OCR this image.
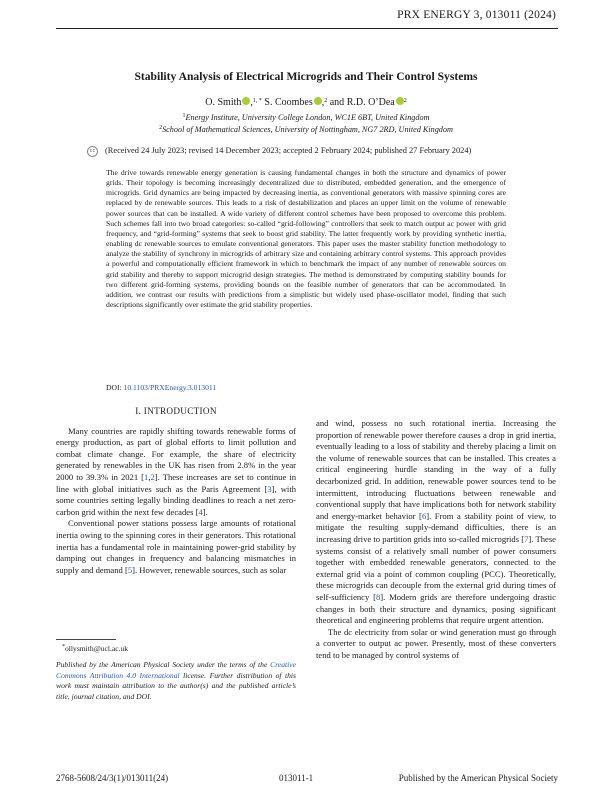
PRX ENERGY 3, 013011 (2024)
Stability Analysis of Electrical Microgrids and Their Control Systems
O. Smith ,$^{1, *}$ S. Coombes ,$^2$ and R.D. O’Dea $^2$
$^1$Energy Institute, University College London, WC1E 6BT, United Kingdom
$^2$School of Mathematical Sciences, University of Nottingham, NG7 2RD, United Kingdom
cc	(Received 24 July 2023; revised 14 December 2023; accepted 2 February 2024; published 27 February 2024)
The drive towards renewable energy generation is causing fundamental changes in both the structure and dynamics of power grids. Their topology is becoming increasingly decentralized due to distributed, embedded generation, and the emergence of microgrids. Grid dynamics are being impacted by decreasing inertia, as conventional generators with massive spinning cores are replaced by de renewable sources. This leads to a risk of destabilization and places an upper limit on the volume of renewable power sources that can be installed. A wide variety of different control schemes have been proposed to overcome this problem. Such schemes fall into two broad categories: so-called “grid-following” controllers that seek to match output ac power with grid frequency, and “grid-forming” systems that seek to boost grid stability. The latter frequently work by providing synthetic inertia, enabling dc renewable sources to emulate conventional generators. This paper uses the master stability function methodology to analyze the stability of synchrony in microgrids of arbitrary size and containing arbitrary control systems. This approach provides a powerful and computationally efficient framework in which to benchmark the impact of any number of renewable sources on grid stability and thereby to support microgrid design strategies. The method is demonstrated by computing stability bounds for two different grid-forming systems, providing bounds on the feasible number of generators that can be accommodated. In addition, we contrast our results with predictions from a simplistic but widely used phase-oscillator model, finding that such descriptions significantly over estimate the grid stability properties.
DOI: 10.1103/PRXEnergy.3.013011
I. INTRODUCTION

Many countries are rapidly shifting towards renewable forms of energy production, as part of global efforts to limit pollution and combat climate change. For example, the share of electricity generated by renewables in the UK has risen from 2.8% in the year 2000 to 39.3% in 2021 [1,2]. These increases are set to continue in line with global initiatives such as the Paris Agreement [3], with some countries setting legally binding deadlines to reach a net zero-carbon grid within the next few decades [4].

Conventional power stations possess large amounts of rotational inertia owing to the spinning cores in their generators. This rotational inertia has a fundamental role in maintaining power-grid stability by damping out changes in frequency and balancing mismatches in supply and demand [5]. However, renewable sources, such as solar

and wind, possess no such rotational inertia. Increasing the proportion of renewable power therefore causes a drop in grid inertia, eventually leading to a loss of stability and thereby placing a limit on the volume of renewable sources that can be installed. This creates a critical engineering hurdle standing in the way of a fully decarbonized grid. In addition, renewable power sources tend to be intermittent, introducing fluctuations between renewable and conventional supply that have implications both for network stability and energy-market behavior [6]. From a stability point of view, to mitigate the resulting supply-demand difficulties, there is an increasing drive to partition grids into so-called microgrids [7]. These systems consist of a relatively small number of power consumers together with embedded renewable generators, connected to the external grid via a point of common coupling (PCC). Theoretically, these microgrids can decouple from the external grid during times of self-sufficiency [8]. Modern grids are therefore undergoing drastic changes in both their structure and dynamics, posing significant theoretical and engineering problems that require urgent attention.

The dc electricity from solar or wind generation must go through a converter to output ac power. Presently, most of these converters tend to be managed by control systems of

*ollysmith@ucl.ac.uk
Published by the American Physical Society under the terms of the Creative Commons Attribution 4.0 International license. Further distribution of this work must maintain attribution to the author(s) and the published article’s title, journal citation, and DOI.
2768-5608/24/3(1)/013011(24)	013011-1	Published by the American Physical Society
